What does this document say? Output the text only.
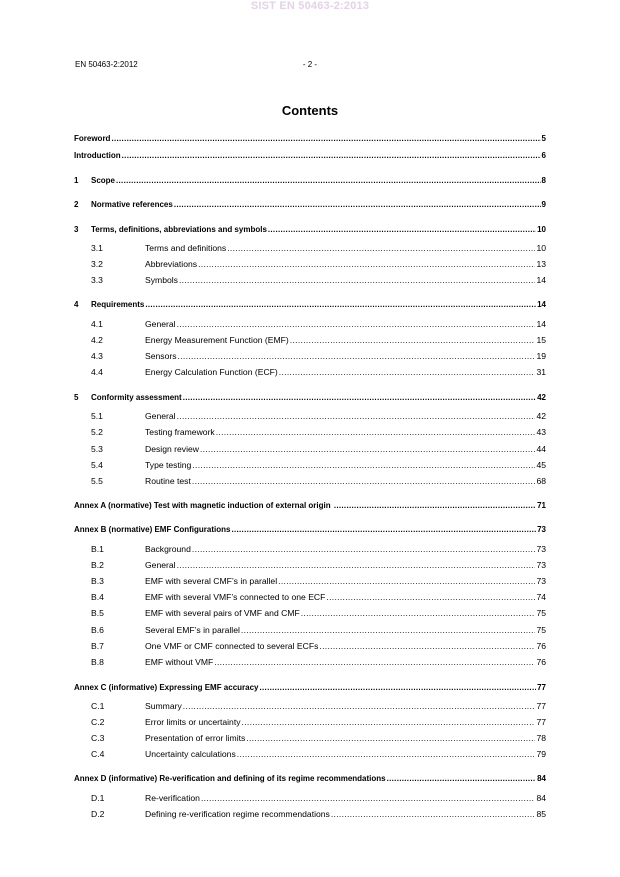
SIST EN 50463-2:2013
EN 50463-2:2012	- 2 -
Contents
Foreword .....	5
Introduction .....	6
1	Scope .....	8
2	Normative references .....	9
3	Terms, definitions, abbreviations and symbols .....	10
3.1	Terms and definitions .....	10
3.2	Abbreviations .....	13
3.3	Symbols .....	14
4	Requirements .....	14
4.1	General .....	14
4.2	Energy Measurement Function (EMF) .....	15
4.3	Sensors .....	19
4.4	Energy Calculation Function (ECF) .....	31
5	Conformity assessment .....	42
5.1	General .....	42
5.2	Testing framework .....	43
5.3	Design review .....	44
5.4	Type testing .....	45
5.5	Routine test .....	68
Annex A (normative) Test with magnetic induction of external origin .....	71
Annex B (normative) EMF Configurations .....	73
B.1	Background .....	73
B.2	General .....	73
B.3	EMF with several CMF’s in parallel .....	73
B.4	EMF with several VMF’s connected to one ECF .....	74
B.5	EMF with several pairs of VMF and CMF .....	75
B.6	Several EMF’s in parallel .....	75
B.7	One VMF or CMF connected to several ECFs .....	76
B.8	EMF without VMF .....	76
Annex C (informative) Expressing EMF accuracy .....	77
C.1	Summary .....	77
C.2	Error limits or uncertainty .....	77
C.3	Presentation of error limits .....	78
C.4	Uncertainty calculations .....	79
Annex D (informative) Re-verification and defining of its regime recommendations .....	84
D.1	Re-verification .....	84
D.2	Defining re-verification regime recommendations .....	85
